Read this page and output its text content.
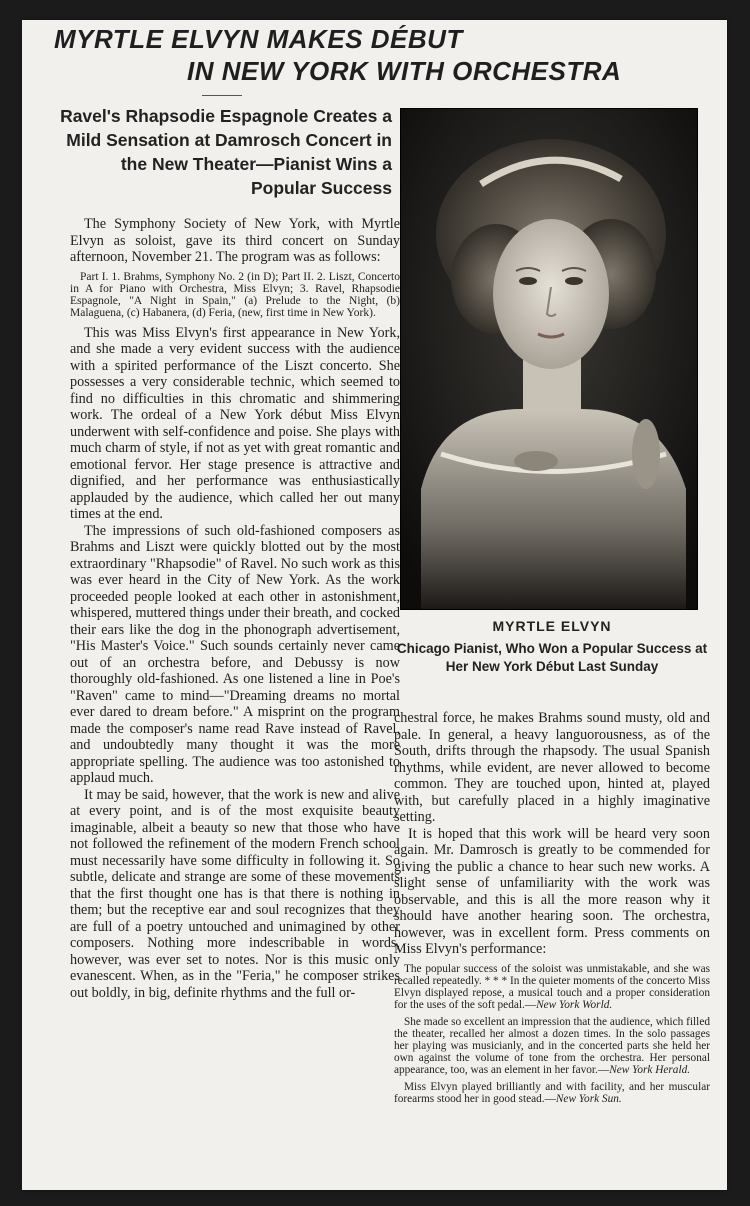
MYRTLE ELVYN MAKES DÉBUT
IN NEW YORK WITH ORCHESTRA
Ravel's Rhapsodie Espagnole Creates a Mild Sensation at Damrosch Concert in the New Theater—Pianist Wins a Popular Success

The Symphony Society of New York, with Myrtle Elvyn as soloist, gave its third concert on Sunday afternoon, November 21. The program was as follows:

Part I. 1. Brahms, Symphony No. 2 (in D); Part II. 2. Liszt, Concerto in A for Piano with Orchestra, Miss Elvyn; 3. Ravel, Rhapsodie Espagnole, "A Night in Spain," (a) Prelude to the Night, (b) Malaguena, (c) Habanera, (d) Feria, (new, first time in New York).

This was Miss Elvyn's first appearance in New York, and she made a very evident success with the audience with a spirited performance of the Liszt concerto. She possesses a very considerable technic, which seemed to find no difficulties in this chromatic and shimmering work. The ordeal of a New York début Miss Elvyn underwent with self-confidence and poise. She plays with much charm of style, if not as yet with great romantic and emotional fervor. Her stage presence is attractive and dignified, and her performance was enthusiastically applauded by the audience, which called her out many times at the end.

The impressions of such old-fashioned composers as Brahms and Liszt were quickly blotted out by the most extraordinary "Rhapsodie" of Ravel. No such work as this was ever heard in the City of New York. As the work proceeded people looked at each other in astonishment, whispered, muttered things under their breath, and cocked their ears like the dog in the phonograph advertisement, "His Master's Voice." Such sounds certainly never came out of an orchestra before, and Debussy is now thoroughly old-fashioned. As one listened a line in Poe's "Raven" came to mind—"Dreaming dreams no mortal ever dared to dream before." A misprint on the program made the composer's name read Rave instead of Ravel, and undoubtedly many thought it was the more appropriate spelling. The audience was too astonished to applaud much.

It may be said, however, that the work is new and alive at every point, and is of the most exquisite beauty imaginable, albeit a beauty so new that those who have not followed the refinement of the modern French school must necessarily have some difficulty in following it. So subtle, delicate and strange are some of these movements that the first thought one has is that there is nothing in them; but the receptive ear and soul recognizes that they are full of a poetry untouched and unimagined by other composers. Nothing more indescribable in words, however, was ever set to notes. Nor is this music only evanescent. When, as in the "Feria," he composer strikes out boldly, in big, definite rhythms and the full or-

MYRTLE ELVYN
Chicago Pianist, Who Won a Popular Success at Her New York Début Last Sunday

chestral force, he makes Brahms sound musty, old and pale. In general, a heavy languorousness, as of the South, drifts through the rhapsody. The usual Spanish rhythms, while evident, are never allowed to become common. They are touched upon, hinted at, played with, but carefully placed in a highly imaginative setting.

It is hoped that this work will be heard very soon again. Mr. Damrosch is greatly to be commended for giving the public a chance to hear such new works. A slight sense of unfamiliarity with the work was observable, and this is all the more reason why it should have another hearing soon. The orchestra, however, was in excellent form. Press comments on Miss Elvyn's performance:

The popular success of the soloist was unmistakable, and she was recalled repeatedly. * * * In the quieter moments of the concerto Miss Elvyn displayed repose, a musical touch and a proper consideration for the uses of the soft pedal.—New York World.

She made so excellent an impression that the audience, which filled the theater, recalled her almost a dozen times. In the solo passages her playing was musicianly, and in the concerted parts she held her own against the volume of tone from the orchestra. Her personal appearance, too, was an element in her favor.—New York Herald.

Miss Elvyn played brilliantly and with facility, and her muscular forearms stood her in good stead.—New York Sun.
